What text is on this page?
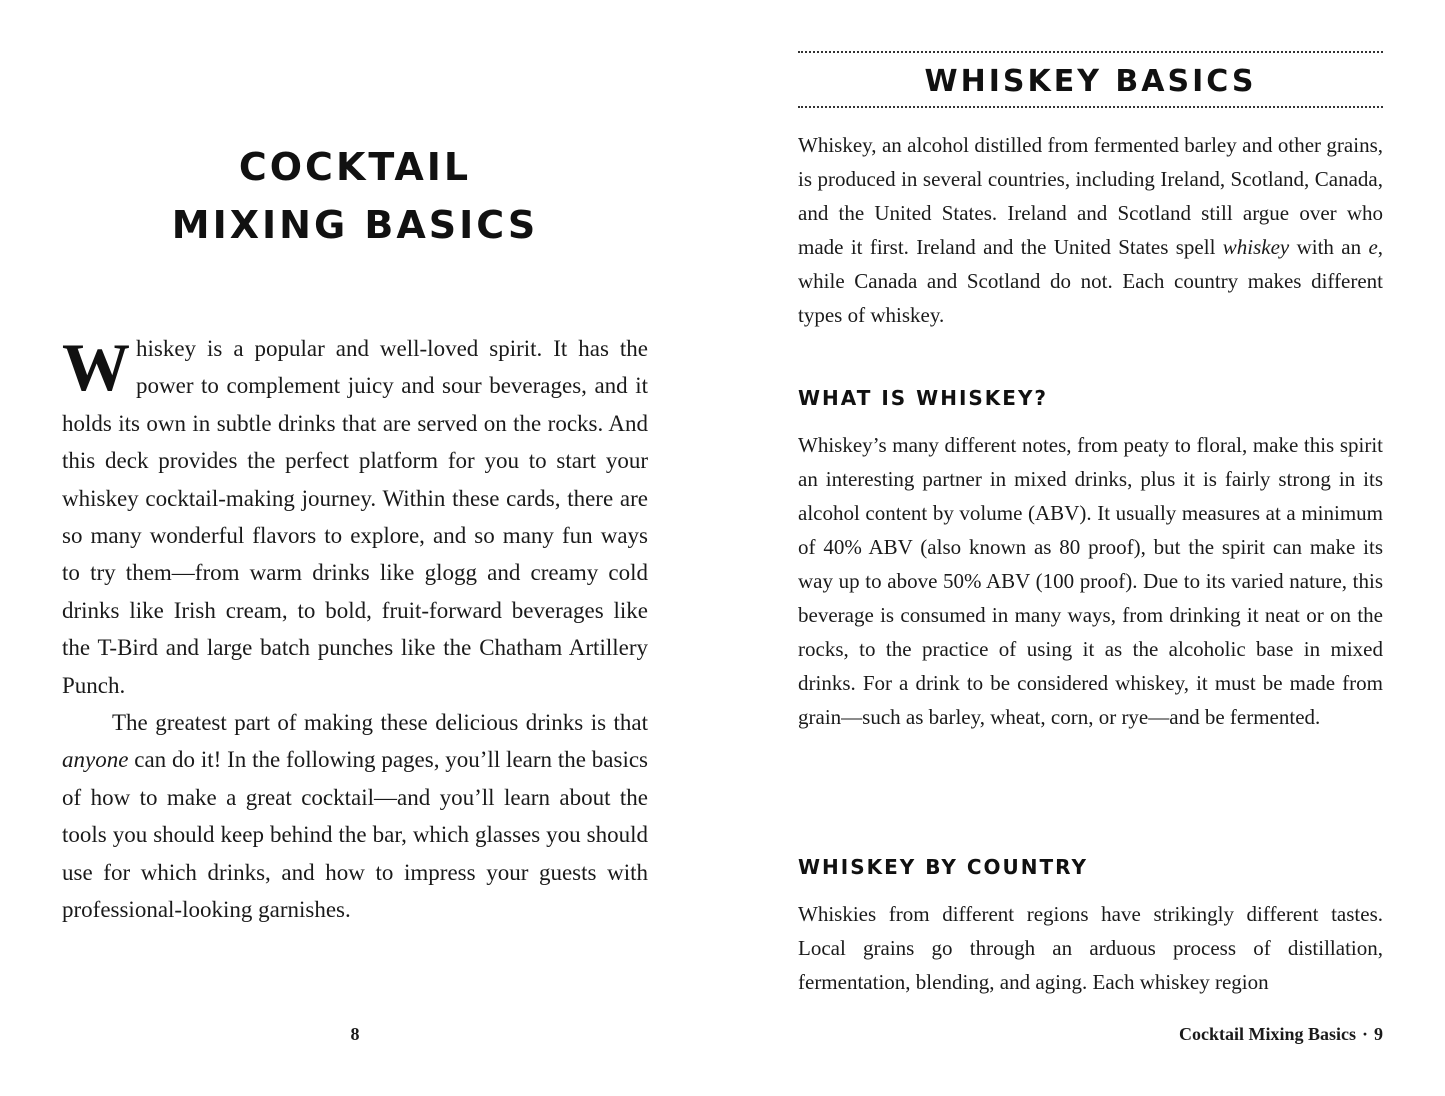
COCKTAIL
MIXING BASICS

Whiskey is a popular and well-loved spirit. It has the power to complement juicy and sour beverages, and it holds its own in subtle drinks that are served on the rocks. And this deck provides the perfect platform for you to start your whiskey cocktail-making journey. Within these cards, there are so many wonderful flavors to explore, and so many fun ways to try them—from warm drinks like glogg and creamy cold drinks like Irish cream, to bold, fruit-forward beverages like the T-Bird and large batch punches like the Chatham Artillery Punch.

The greatest part of making these delicious drinks is that anyone can do it! In the following pages, you’ll learn the basics of how to make a great cocktail—and you’ll learn about the tools you should keep behind the bar, which glasses you should use for which drinks, and how to impress your guests with professional-looking garnishes.

8
WHISKEY BASICS

Whiskey, an alcohol distilled from fermented barley and other grains, is produced in several countries, including Ireland, Scotland, Canada, and the United States. Ireland and Scotland still argue over who made it first. Ireland and the United States spell whiskey with an e, while Canada and Scotland do not. Each country makes different types of whiskey.

WHAT IS WHISKEY?

Whiskey’s many different notes, from peaty to floral, make this spirit an interesting partner in mixed drinks, plus it is fairly strong in its alcohol content by volume (ABV). It usually measures at a minimum of 40% ABV (also known as 80 proof), but the spirit can make its way up to above 50% ABV (100 proof). Due to its varied nature, this beverage is consumed in many ways, from drinking it neat or on the rocks, to the practice of using it as the alcoholic base in mixed drinks. For a drink to be considered whiskey, it must be made from grain—such as barley, wheat, corn, or rye—and be fermented.

WHISKEY BY COUNTRY

Whiskies from different regions have strikingly different tastes. Local grains go through an arduous process of distillation, fermentation, blending, and aging. Each whiskey region

Cocktail Mixing Basics · 9
